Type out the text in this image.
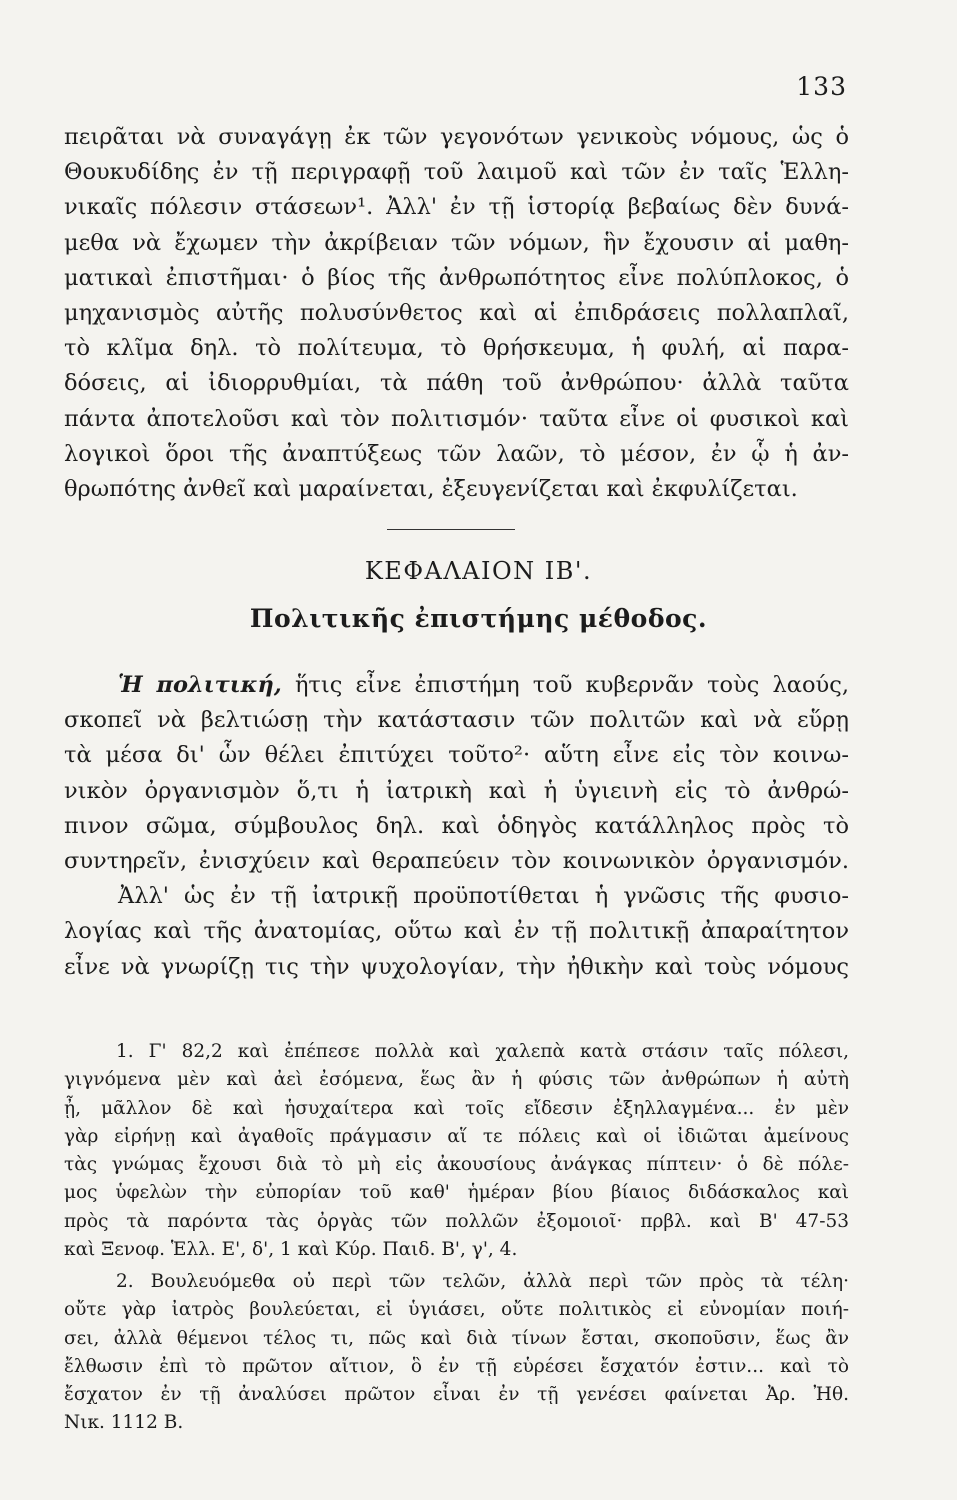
133
πειρᾶται νὰ συναγάγῃ ἐκ τῶν γεγονότων γενικοὺς νόμους, ὡς ὁ
Θουκυδίδης ἐν τῇ περιγραφῇ τοῦ λαιμοῦ καὶ τῶν ἐν ταῖς Ἑλλη-
νικαῖς πόλεσιν στάσεων¹. Ἀλλ' ἐν τῇ ἱστορίᾳ βεβαίως δὲν δυνά-
μεθα νὰ ἔχωμεν τὴν ἀκρίβειαν τῶν νόμων, ἣν ἔχουσιν αἱ μαθη-
ματικαὶ ἐπιστῆμαι· ὁ βίος τῆς ἀνθρωπότητος εἶνε πολύπλοκος, ὁ
μηχανισμὸς αὐτῆς πολυσύνθετος καὶ αἱ ἐπιδράσεις πολλαπλαῖ,
τὸ κλῖμα δηλ. τὸ πολίτευμα, τὸ θρήσκευμα, ἡ φυλή, αἱ παρα-
δόσεις, αἱ ἰδιορρυθμίαι, τὰ πάθη τοῦ ἀνθρώπου· ἀλλὰ ταῦτα
πάντα ἀποτελοῦσι καὶ τὸν πολιτισμόν· ταῦτα εἶνε οἱ φυσικοὶ καὶ
λογικοὶ ὅροι τῆς ἀναπτύξεως τῶν λαῶν, τὸ μέσον, ἐν ᾧ ἡ ἀν-
θρωπότης ἀνθεῖ καὶ μαραίνεται, ἐξευγενίζεται καὶ ἐκφυλίζεται.
ΚΕΦΑΛΑΙΟΝ ΙΒ'.
Πολιτικῆς ἐπιστήμης μέθοδος.
Ἡ πολιτική, ἥτις εἶνε ἐπιστήμη τοῦ κυβερνᾶν τοὺς λαούς,
σκοπεῖ νὰ βελτιώσῃ τὴν κατάστασιν τῶν πολιτῶν καὶ νὰ εὕρῃ
τὰ μέσα δι' ὧν θέλει ἐπιτύχει τοῦτο²· αὕτη εἶνε εἰς τὸν κοινω-
νικὸν ὀργανισμὸν ὅ,τι ἡ ἰατρικὴ καὶ ἡ ὑγιεινὴ εἰς τὸ ἀνθρώ-
πινον σῶμα, σύμβουλος δηλ. καὶ ὁδηγὸς κατάλληλος πρὸς τὸ
συντηρεῖν, ἐνισχύειν καὶ θεραπεύειν τὸν κοινωνικὸν ὀργανισμόν.
Ἀλλ' ὡς ἐν τῇ ἰατρικῇ προϋποτίθεται ἡ γνῶσις τῆς φυσιο-
λογίας καὶ τῆς ἀνατομίας, οὕτω καὶ ἐν τῇ πολιτικῇ ἀπαραίτητον
εἶνε νὰ γνωρίζῃ τις τὴν ψυχολογίαν, τὴν ἠθικὴν καὶ τοὺς νόμους
1. Γ' 82,2 καὶ ἐπέπεσε πολλὰ καὶ χαλεπὰ κατὰ στάσιν ταῖς πόλεσι,
γιγνόμενα μὲν καὶ ἀεὶ ἐσόμενα, ἕως ἂν ἡ φύσις τῶν ἀνθρώπων ἡ αὐτὴ
ᾖ, μᾶλλον δὲ καὶ ἡσυχαίτερα καὶ τοῖς εἴδεσιν ἐξηλλαγμένα... ἐν μὲν
γὰρ εἰρήνῃ καὶ ἀγαθοῖς πράγμασιν αἵ τε πόλεις καὶ οἱ ἰδιῶται ἀμείνους
τὰς γνώμας ἔχουσι διὰ τὸ μὴ εἰς ἀκουσίους ἀνάγκας πίπτειν· ὁ δὲ πόλε-
μος ὑφελὼν τὴν εὐπορίαν τοῦ καθ' ἡμέραν βίου βίαιος διδάσκαλος καὶ
πρὸς τὰ παρόντα τὰς ὀργὰς τῶν πολλῶν ἐξομοιοῖ· πρβλ. καὶ Β' 47-53
καὶ Ξενοφ. Ἑλλ. Ε', δ', 1 καὶ Κύρ. Παιδ. Β', γ', 4.
2. Βουλευόμεθα οὐ περὶ τῶν τελῶν, ἀλλὰ περὶ τῶν πρὸς τὰ τέλη·
οὔτε γὰρ ἰατρὸς βουλεύεται, εἰ ὑγιάσει, οὔτε πολιτικὸς εἰ εὐνομίαν ποιή-
σει, ἀλλὰ θέμενοι τέλος τι, πῶς καὶ διὰ τίνων ἔσται, σκοποῦσιν, ἕως ἂν
ἔλθωσιν ἐπὶ τὸ πρῶτον αἴτιον, ὃ ἐν τῇ εὑρέσει ἔσχατόν ἐστιν... καὶ τὸ
ἔσχατον ἐν τῇ ἀναλύσει πρῶτον εἶναι ἐν τῇ γενέσει φαίνεται Ἀρ. Ἠθ.
Νικ. 1112 Β.
